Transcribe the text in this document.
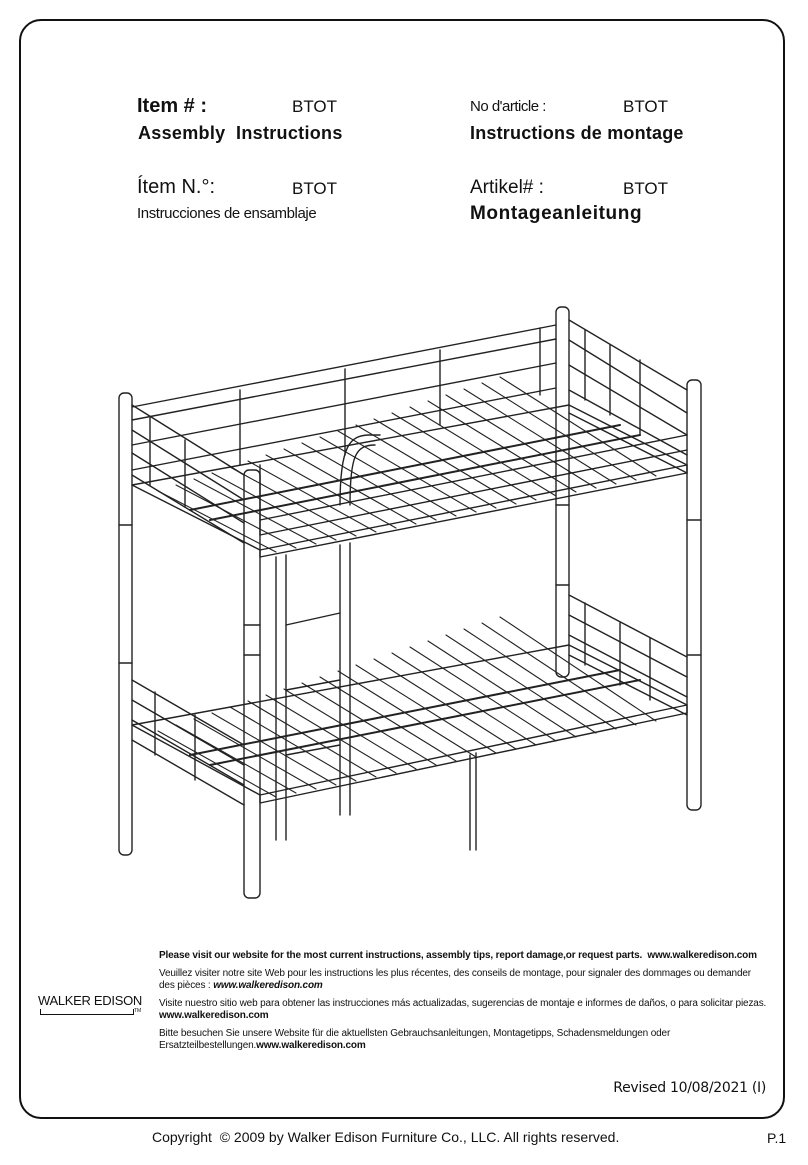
Item # :	BTOT
Assembly  Instructions
No d'article :	BTOT
Instructions de montage
Ítem N.°:	BTOT
Instrucciones de ensamblaje
Artikel# :	BTOT
Montageanleitung

Please visit our website for the most current instructions, assembly tips, report damage,or request parts. www.walkeredison.com

Veuillez visiter notre site Web pour les instructions les plus récentes, des conseils de montage, pour signaler des dommages ou demander des pièces : www.walkeredison.com

Visite nuestro sitio web para obtener las instrucciones más actualizadas, sugerencias de montaje e informes de daños, o para solicitar piezas. www.walkeredison.com

Bitte besuchen Sie unsere Website für die aktuellsten Gebrauchsanleitungen, Montagetipps, Schadensmeldungen oder Ersatzteilbestellungen.www.walkeredison.com

WALKER EDISON
TM
Revised 10/08/2021 (I)
Copyright  © 2009 by Walker Edison Furniture Co., LLC. All rights reserved.	P.1
